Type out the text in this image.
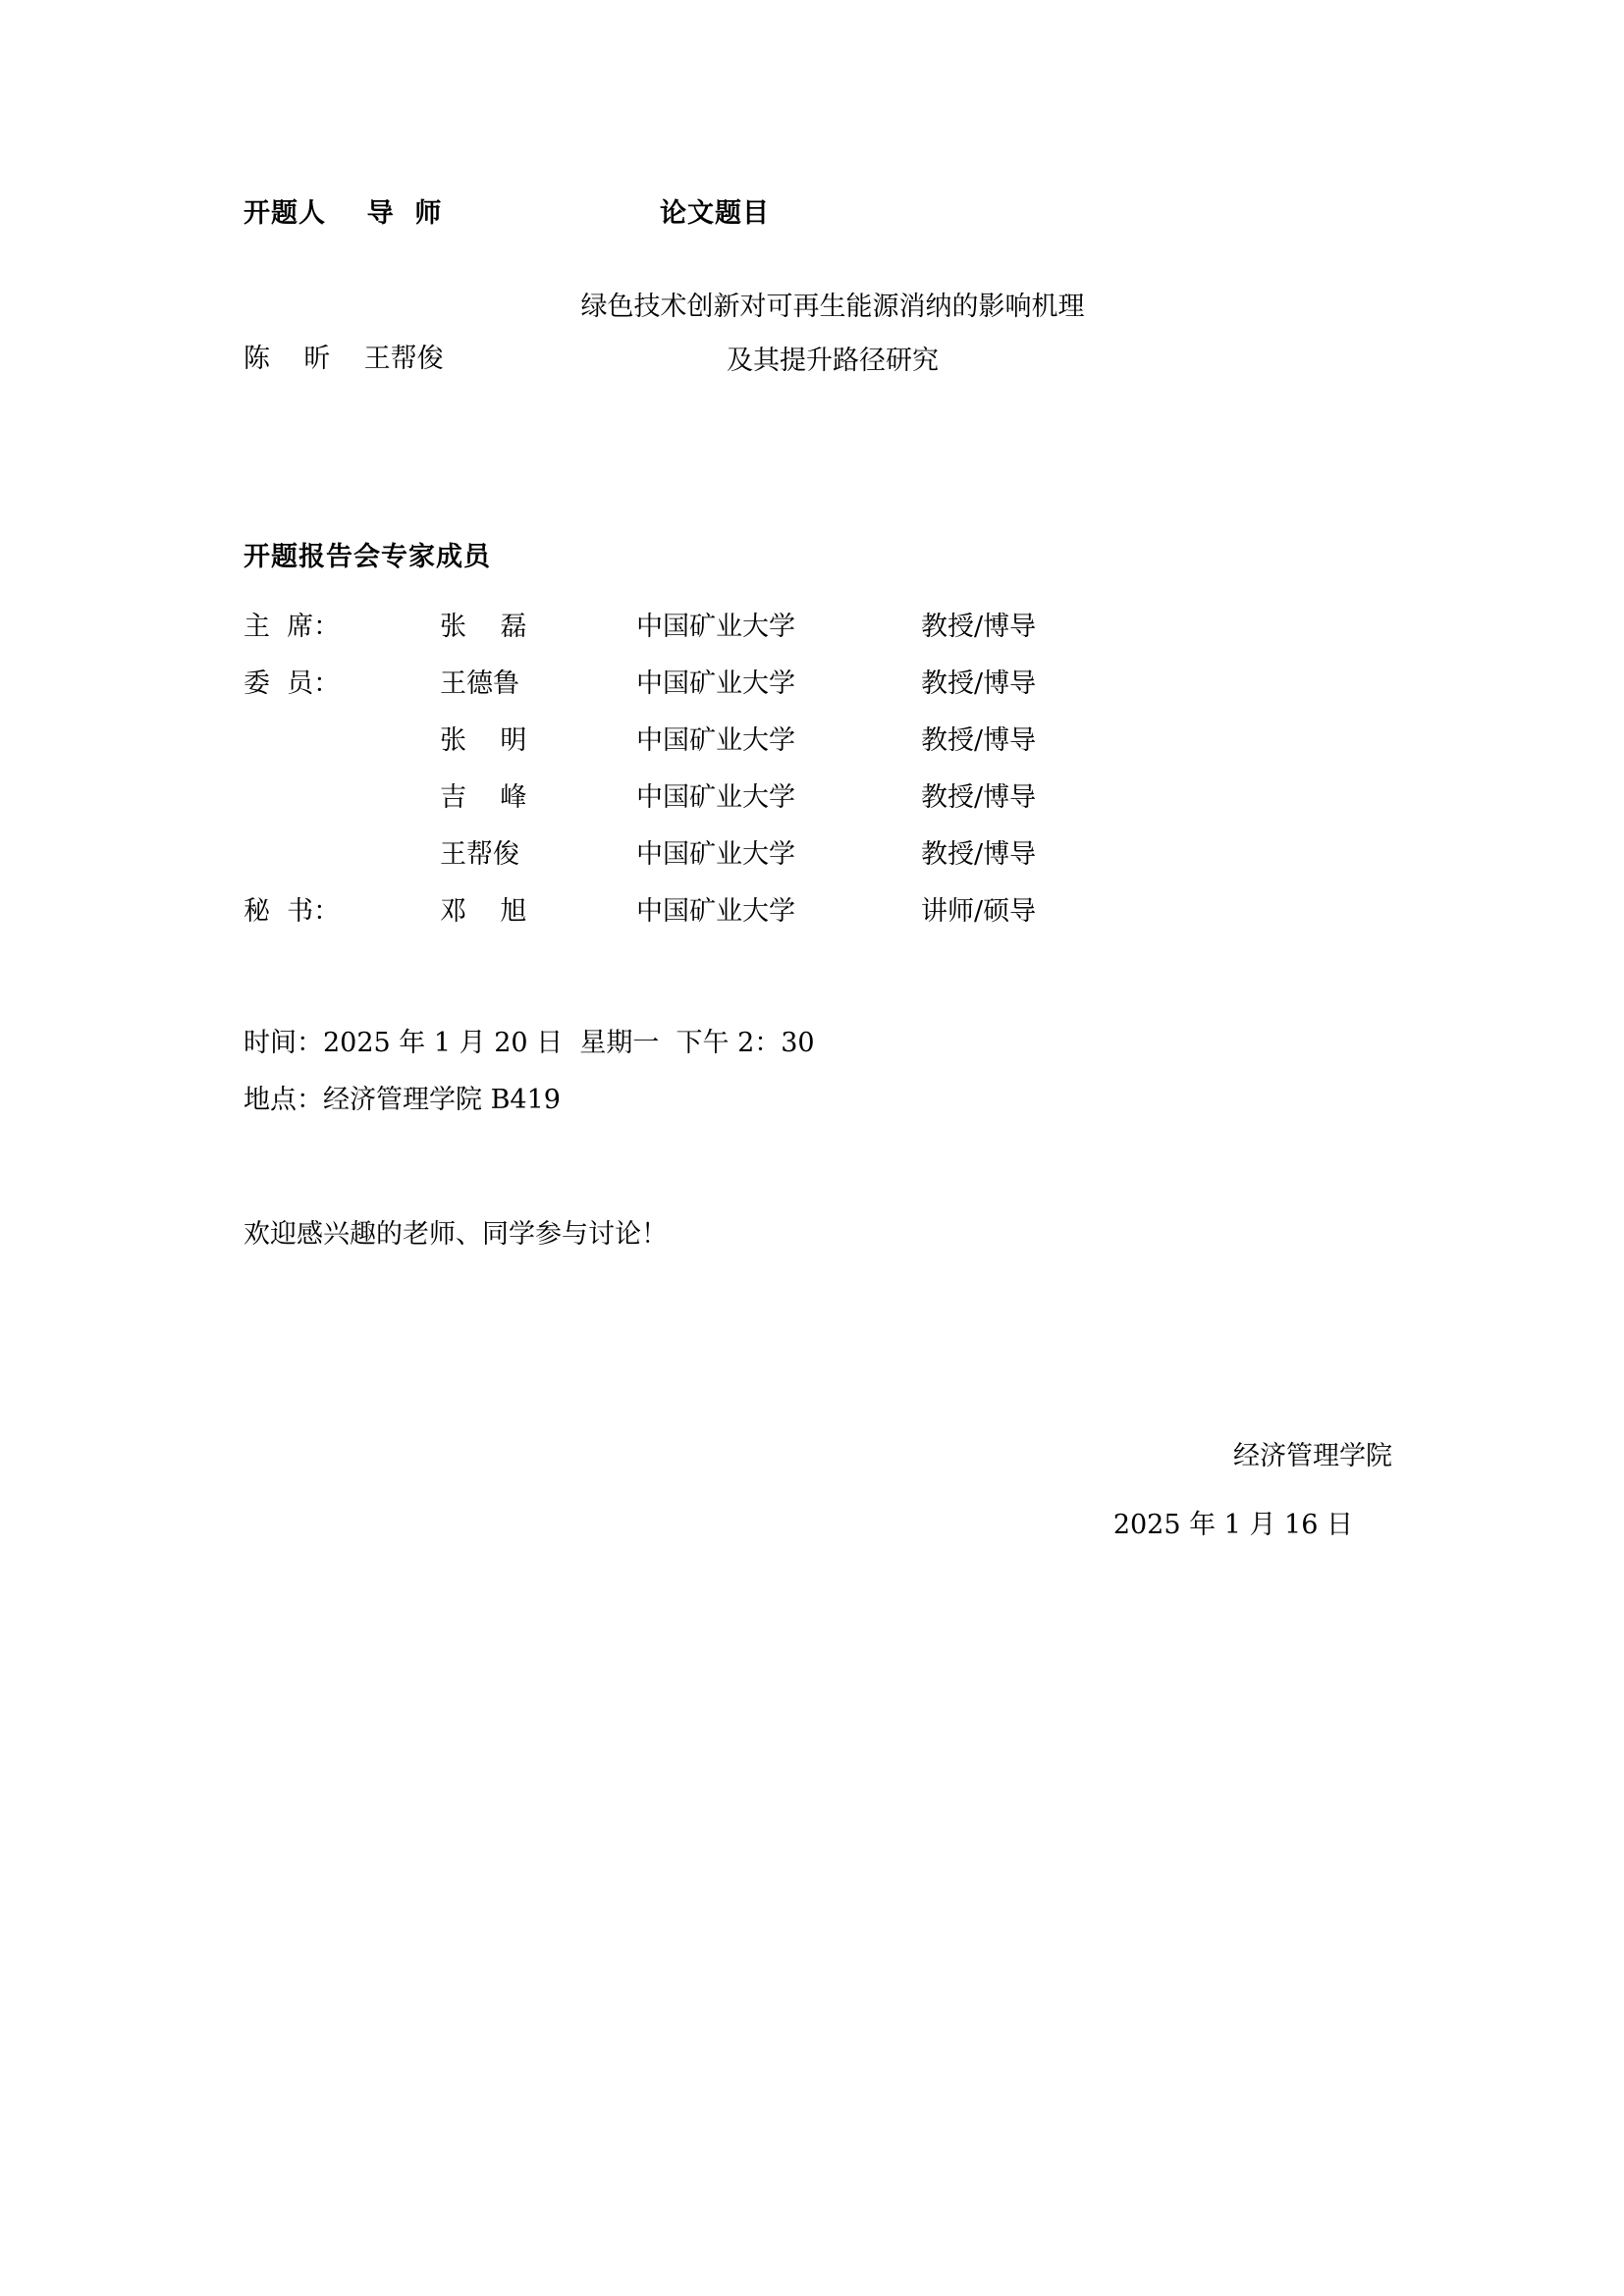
开题人    导  师	论文题目
陈    昕    王帮俊
绿色技术创新对可再生能源消纳的影响机理
及其提升路径研究
开题报告会专家成员
主  席：	张    磊	中国矿业大学	教授/博导
委  员：	王德鲁	中国矿业大学	教授/博导
	张    明	中国矿业大学	教授/博导
	吉    峰	中国矿业大学	教授/博导
	王帮俊	中国矿业大学	教授/博导
秘  书：	邓    旭	中国矿业大学	讲师/硕导
时间：2025 年 1 月 20 日  星期一  下午 2：30
地点：经济管理学院 B419
欢迎感兴趣的老师、同学参与讨论！
经济管理学院
2025 年 1 月 16 日
